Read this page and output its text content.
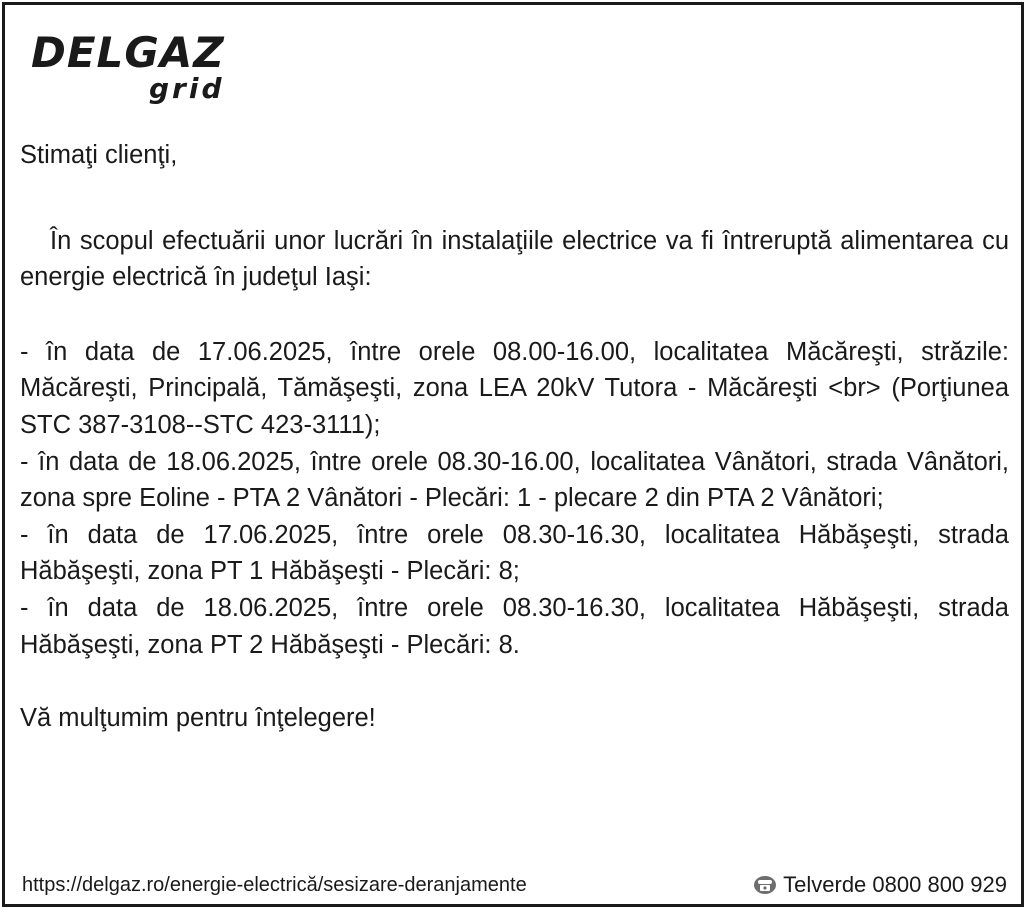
DELGAZ
grid

Stimaţi clienţi,

În scopul efectuării unor lucrări în instalaţiile electrice va fi întreruptă alimentarea cu energie electrică în judeţul Iaşi:

- în data de 17.06.2025, între orele 08.00-16.00, localitatea Măcăreşti, străzile: Măcăreşti, Principală, Tămăşeşti, zona LEA 20kV Tutora - Măcăreşti <br> (Porţiunea STC 387-3108--STC 423-3111);

- în data de 18.06.2025, între orele 08.30-16.00, localitatea Vânători, strada Vânători, zona spre Eoline - PTA 2 Vânători - Plecări: 1 - plecare 2 din PTA 2 Vânători;

- în data de 17.06.2025, între orele 08.30-16.30, localitatea Hăbăşeşti, strada Hăbăşeşti, zona PT 1 Hăbăşeşti - Plecări: 8;

- în data de 18.06.2025, între orele 08.30-16.30, localitatea Hăbăşeşti, strada Hăbăşeşti, zona PT 2 Hăbăşeşti - Plecări: 8.

Vă mulţumim pentru înţelegere!

https://delgaz.ro/energie-electrică/sesizare-deranjamente	Telverde 0800 800 929
